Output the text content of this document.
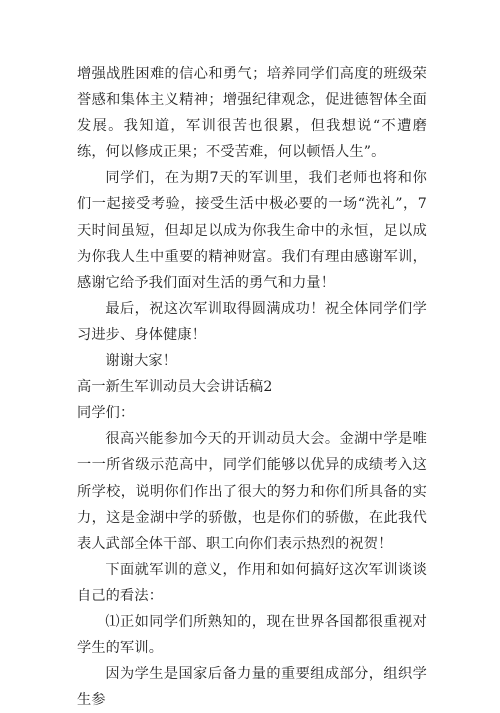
增强战胜困难的信心和勇气；培养同学们高度的班级荣誉感和集体主义精神；增强纪律观念，促进德智体全面发展。我知道，军训很苦也很累，但我想说“不遭磨练，何以修成正果；不受苦难，何以顿悟人生”。

同学们，在为期7天的军训里，我们老师也将和你们一起接受考验，接受生活中极必要的一场“洗礼”，7天时间虽短，但却足以成为你我生命中的永恒，足以成为你我人生中重要的精神财富。我们有理由感谢军训，感谢它给予我们面对生活的勇气和力量！

最后，祝这次军训取得圆满成功！祝全体同学们学习进步、身体健康！

谢谢大家！

高一新生军训动员大会讲话稿2

同学们：

很高兴能参加今天的开训动员大会。金湖中学是唯一一所省级示范高中，同学们能够以优异的成绩考入这所学校，说明你们作出了很大的努力和你们所具备的实力，这是金湖中学的骄傲，也是你们的骄傲，在此我代表人武部全体干部、职工向你们表示热烈的祝贺！

下面就军训的意义，作用和如何搞好这次军训谈谈自己的看法：

⑴正如同学们所熟知的，现在世界各国都很重视对学生的军训。

因为学生是国家后备力量的重要组成部分，组织学生参
